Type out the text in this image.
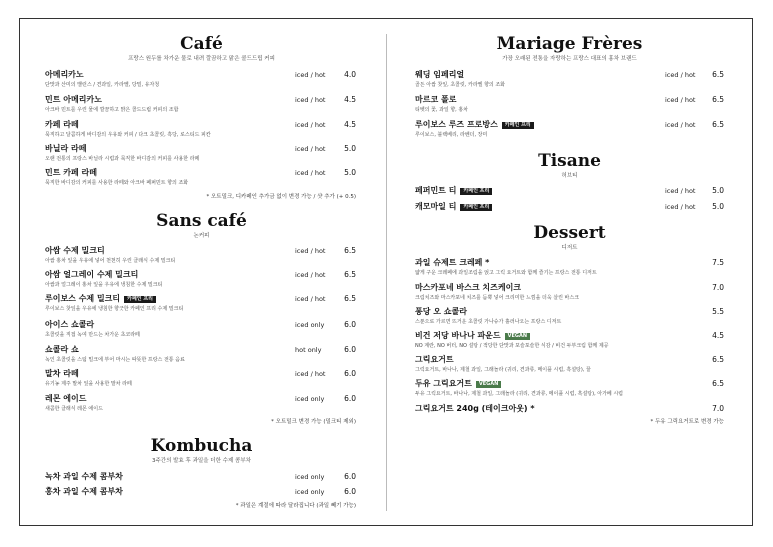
Café
프랑스 원두를 차가운 물로 내려 깔끔하고 맑은 콜드드립 커피
아메리카노
단맛과 산미의 밸런스 / 견과일, 카라멜, 당밀, 유자청
iced / hot 4.0
민트 아메리카노
아크바 민트를 우린 물에 깔끔하고 맑은 콜드드립 커피의 조합
iced / hot 4.5
카페 라떼
묵직하고 달콤하게 바디감의 우유와 커피 / 다크 초콜릿, 흑당, 로스티드 피칸
iced / hot 4.5
바닐라 라떼
오랜 전통의 프랑스 바닐라 시럽과 묵직한 바디감의 커피를 사용한 라떼
iced / hot 5.0
민트 카페 라떼
묵직한 바디감의 커피를 사용한 라떼와 아크바 페퍼민트 향의 조화
iced / hot 5.0
* 오트밀크, 디카페인 추가금 없이 변경 가능 / 샷 추가 (+ 0.5)
Sans café
논커피
아쌈 수제 밀크티
아쌈 홍차 잎을 우유에 넣어 천천히 우린 클래식 수제 밀크티
iced / hot 6.5
아쌈 얼그레이 수제 밀크티
아쌈과 얼그레이 홍차 잎을 우유에 냉침한 수제 밀크티
iced / hot 6.5
루이보스 수제 밀크티 카페인 프리
루이보스 찻잎을 우유에 냉침한 향긋한 카페인 프리 수제 밀크티
iced / hot 6.5
아이스 쇼콜라
초콜릿을 직접 녹여 만드는 차가운 초코라떼
iced only	6.0
쇼콜라 쇼
녹인 초콜릿을 스팀 밀크에 부어 마시는 따뜻한 프랑스 전통 음료
hot only	6.0
말차 라떼
유기농 제주 말차 잎을 사용한 말차 라떼
iced / hot 6.0
레몬 에이드
새콤한 클래식 레몬 에이드
iced only	6.0
* 오트밀크 변경 가능 (밀크티 제외)
Kombucha
3주간의 발효 후 과일을 더한 수제 콤부차
녹차 과일 수제 콤부차	iced only	6.0
홍차 과일 수제 콤부차	iced only	6.0
* 과일은 계절에 따라 달라집니다 (과일 빼기 가능)
Mariage Frères
가장 오래된 전통을 자랑하는 프랑스 대표의 홍차 브랜드
웨딩 임페리얼
골든 아쌈 찻잎, 초콜릿, 카라멜 향의 조화
iced / hot 6.5
마르코 폴로
티벳의 꽃, 과일 향, 홍차
iced / hot 6.5
루이보스 루즈 프로방스 카페인 프리
루이보스, 블랙베리, 라벤더, 장미
iced / hot 6.5
Tisane
허브티
페퍼민트 티 카페인 프리	iced / hot 5.0
캐모마일 티 카페인 프리	iced / hot 5.0
Dessert
디저트
과일 슈제트 크레페 *
얇게 구운 크레페에 과일조림을 얹고 그릭 요거트와 함께 즐기는 프랑스 전통 디저트
7.5
마스카포네 바스크 치즈케이크
크림치즈와 마스카포네 치즈를 듬뿍 넣어 크리미한 느낌을 더욱 살린 바스크
7.0
퐁당 오 쇼콜라
스푼으로 가르면 뜨거운 초콜릿 가나슈가 흘러나오는 프랑스 디저트
5.5
비건 저당 바나나 파운드 VEGAN
NO 계란, NO 버터, NO 설탕 / 적당한 단맛과 포슬포슬한 식감 / 비건 두부크림 함께 제공
4.5
그릭요거트
그릭요거트, 바나나, 제철 과일, 그래놀라 (귀리, 견과류, 메이플 시럽, 흑설탕), 꿀
6.5
두유 그릭요거트 VEGAN
두유 그릭요거트, 바나나, 제철 과일, 그래놀라 (귀리, 견과류, 메이플 시럽, 흑설탕), 아가베 시럽
6.5
그릭요거트 240g (테이크아웃) *	7.0
* 두유 그릭요거트로 변경 가능
